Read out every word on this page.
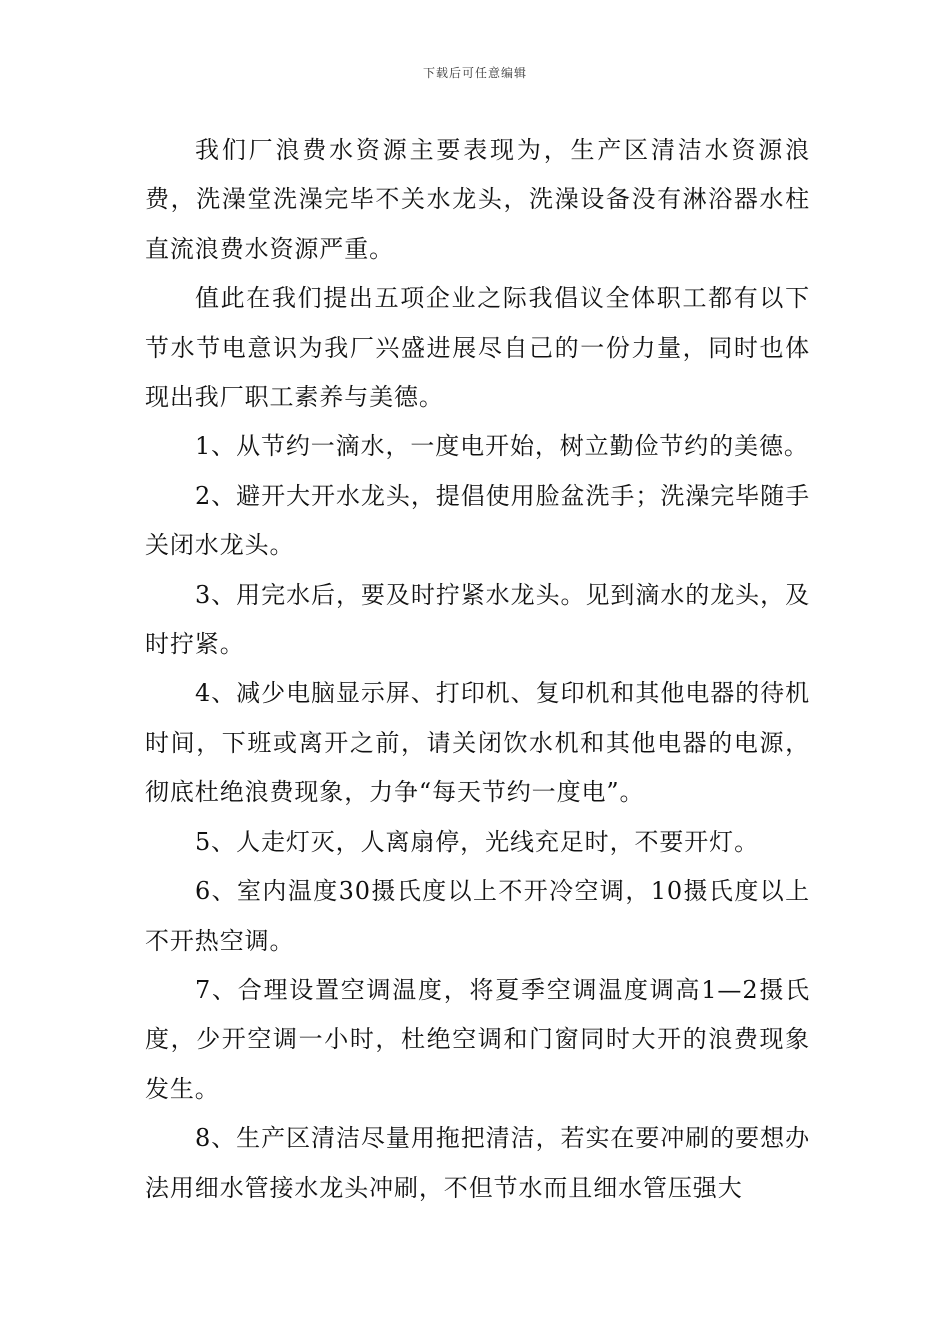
下载后可任意编辑

我们厂浪费水资源主要表现为，生产区清洁水资源浪费，洗澡堂洗澡完毕不关水龙头，洗澡设备没有淋浴器水柱直流浪费水资源严重。

值此在我们提出五项企业之际我倡议全体职工都有以下节水节电意识为我厂兴盛进展尽自己的一份力量，同时也体现出我厂职工素养与美德。

1、从节约一滴水，一度电开始，树立勤俭节约的美德。

2、避开大开水龙头，提倡使用脸盆洗手；洗澡完毕随手关闭水龙头。

3、用完水后，要及时拧紧水龙头。见到滴水的龙头，及时拧紧。

4、减少电脑显示屏、打印机、复印机和其他电器的待机时间，下班或离开之前，请关闭饮水机和其他电器的电源，彻底杜绝浪费现象，力争“每天节约一度电”。

5、人走灯灭，人离扇停，光线充足时，不要开灯。

6、室内温度30摄氏度以上不开冷空调，10摄氏度以上不开热空调。

7、合理设置空调温度，将夏季空调温度调高1—2摄氏度，少开空调一小时，杜绝空调和门窗同时大开的浪费现象发生。

8、生产区清洁尽量用拖把清洁，若实在要冲刷的要想办法用细水管接水龙头冲刷，不但节水而且细水管压强大
